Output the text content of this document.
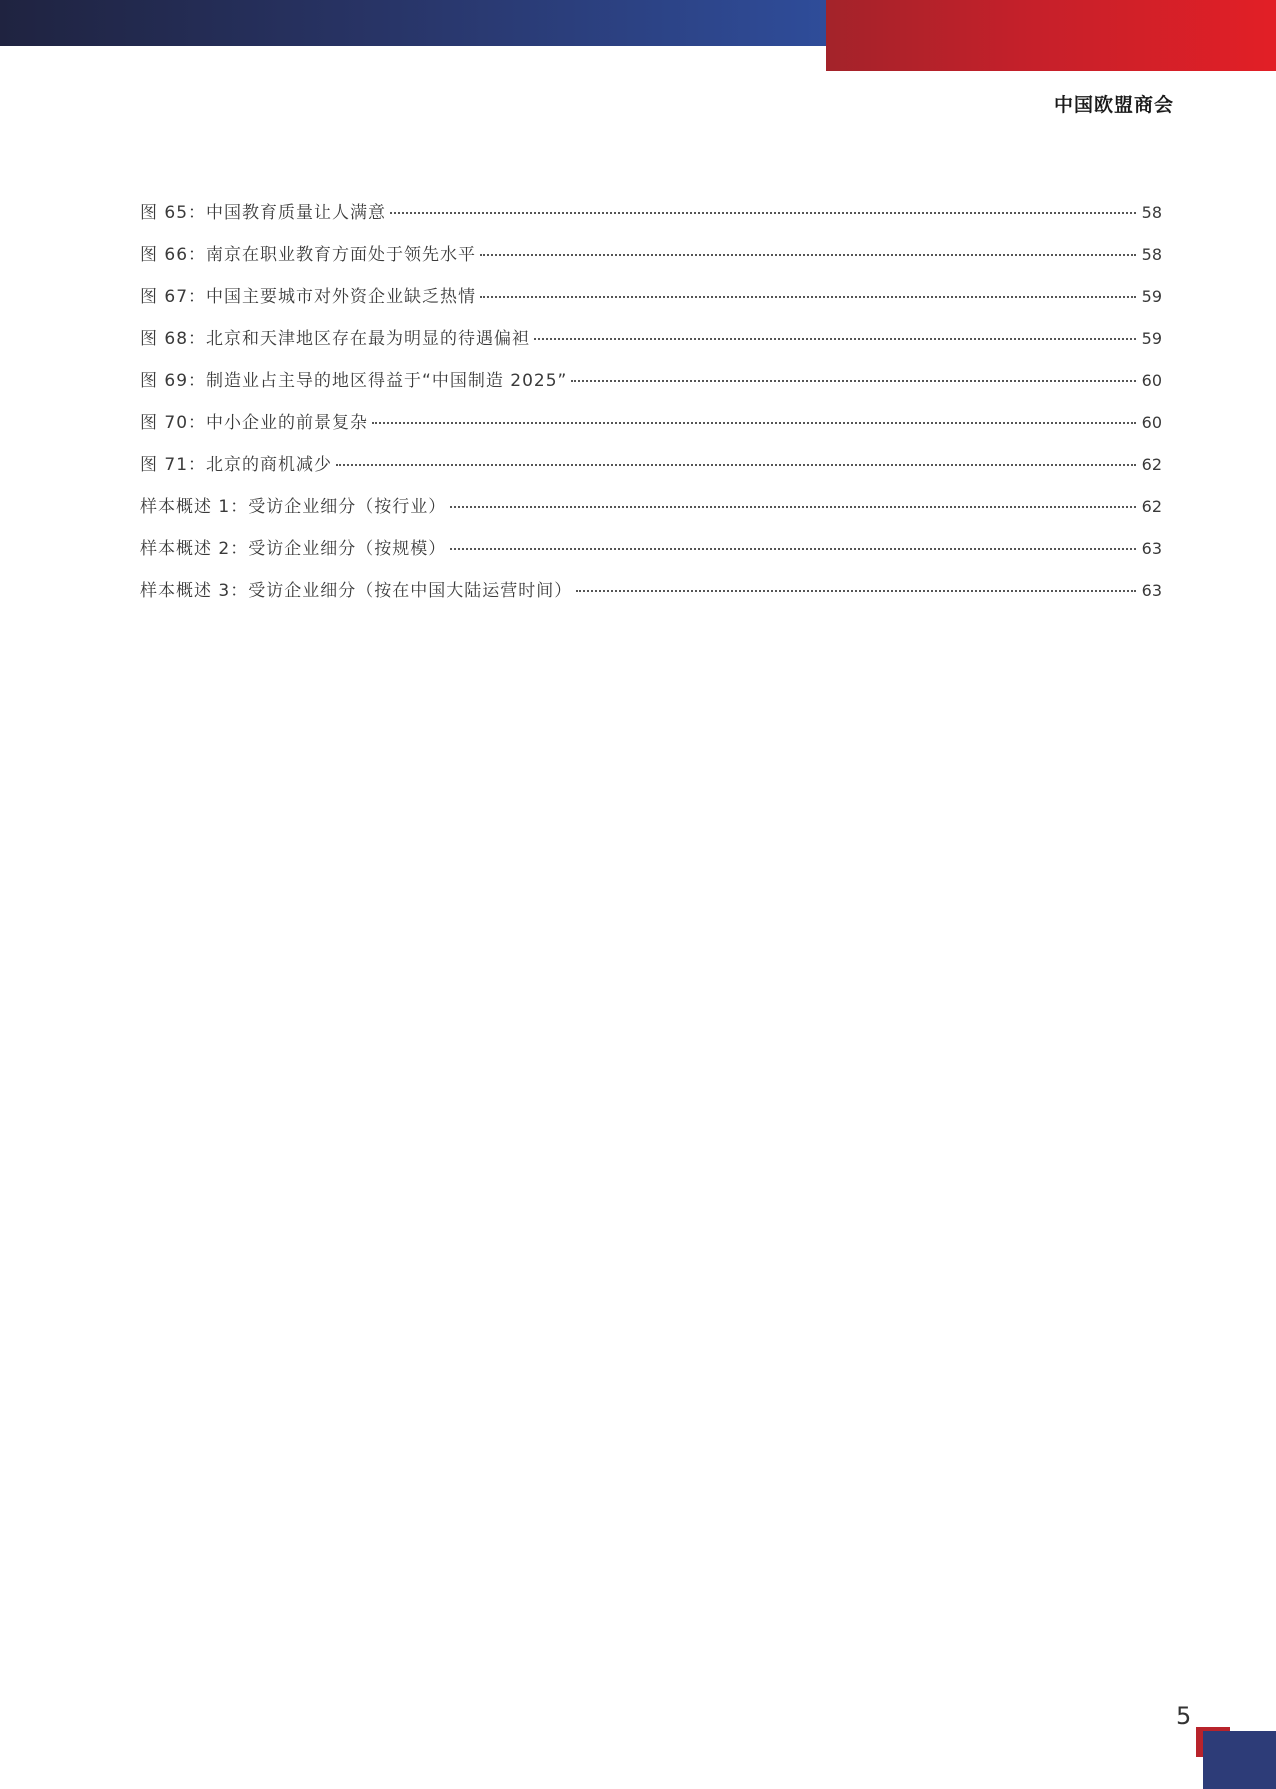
中国欧盟商会
图 65 ： 中国教育质量让人满意	58
图 66 ： 南京在职业教育方面处于领先水平	58
图 67 ： 中国主要城市对外资企业缺乏热情	59
图 68 ： 北京和天津地区存在最为明显的待遇偏袒	59
图 69 ： 制造业占主导的地区得益于“中国制造 2025”	60
图 70 ： 中小企业的前景复杂	60
图 71 ： 北京的商机减少	62
样本概述 1 ： 受访企业细分（按行业）	62
样本概述 2 ： 受访企业细分（按规模）	63
样本概述 3 ： 受访企业细分（按在中国大陆运营时间）	63
5
